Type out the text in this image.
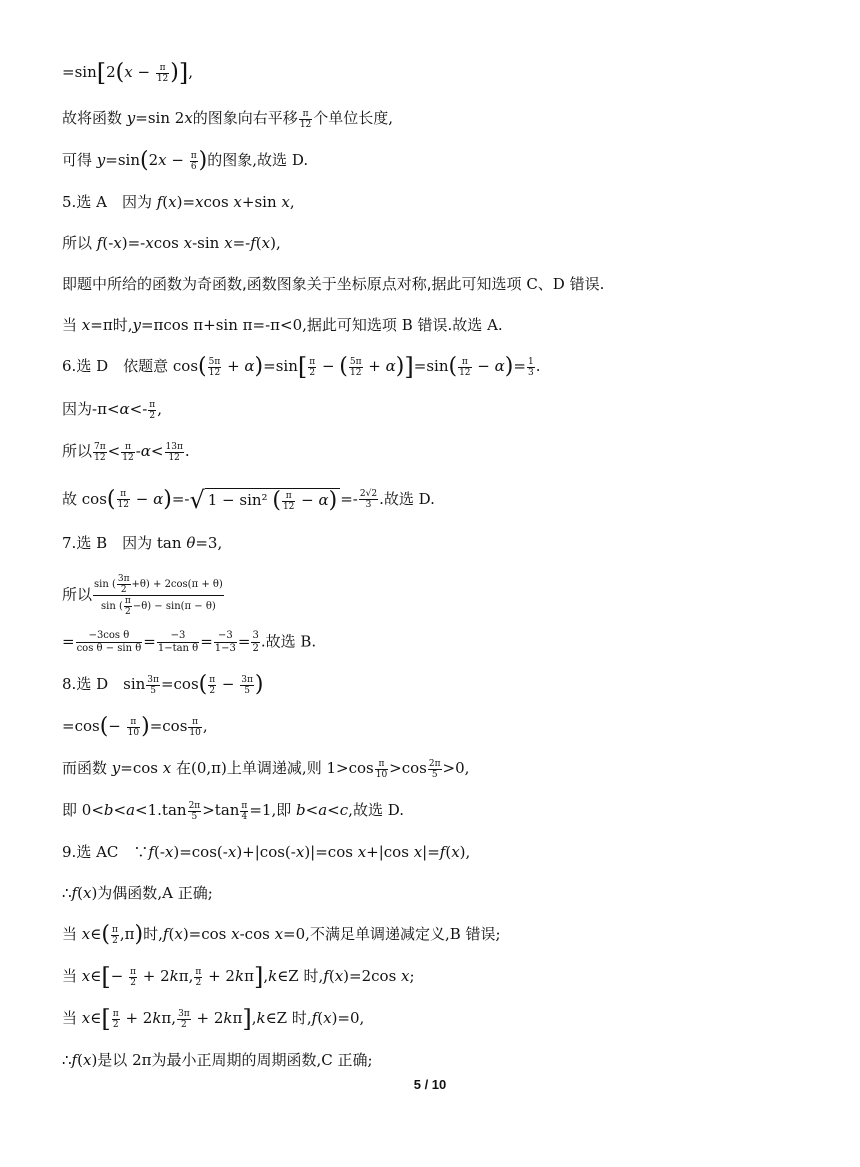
$=\sin[2(x - \frac{\pi}{12}$ )],
故将函数 y=sin 2x的图象向右平移 $\frac{\pi}{12}$ 个单位长度,
可得 $y=\sin(2x - \frac{\pi}{6}$ )的图象,故选 D.
5.选 A　因为 f(x)=xcos x+sin x,
所以 f(-x)=-xcos x-sin x=-f(x),
即题中所给的函数为奇函数,函数图象关于坐标原点对称,据此可知选项 C、D 错误.
当 x=π时,y=πcos π+sin π=-π<0,据此可知选项 B 错误.故选 A.
6.选 D　依题意 $\cos( \frac{5\pi}{12} + \alpha)=\sin[ \frac{\pi}{2}$ − ( $\frac{5\pi}{12} + \alpha)]=\sin( \frac{\pi}{12} - \alpha)= \frac{1}{3}$ .
因为$-\pi<\alpha<- \frac{\pi}{2}$ ,
所以 $\frac{7\pi}{12} < \frac{\pi}{12} -\alpha< \frac{13\pi}{12}$ .
故 $\cos( \frac{\pi}{12} - \alpha)=-√$ 1 − sin² ( $\frac{\pi}{12} - \alpha) =- \frac{2√2}{3}$ .故选 D.
7.选 B　因为 tan θ=3,
所以 $\frac{\sin ( \frac{3\pi}{2} +\theta) + 2\cos(\pi + \theta)}{\sin ( \frac{\pi}{2} -\theta) - \sin(\pi - \theta)}$
= $\frac{\text{−3cos θ}}{\text{cos θ − sin θ}} = \frac{-3}{\text{1−tan θ}} = \frac{-3}{1-3} = \frac{3}{2}$ .故选 B.
8.选 D　$\sin \frac{3\pi}{5} =\cos( \frac{\pi}{2} - \frac{3\pi}{5}$ )
$=\cos(- \frac{\pi}{10} )=\cos \frac{\pi}{10}$ ,
而函数 y=cos x 在(0,π)上单调递减,则 $1>\cos \frac{\pi}{10} >\cos \frac{2\pi}{5} >0$,
即 $0<b<a<1.\tan \frac{2\pi}{5} >\tan \frac{\pi}{4} =1$,即 b<a<c,故选 D.
9.选 AC　∵f(-x)=cos(-x)+|cos(-x)|=cos x+|cos x|=f(x),
∴f(x)为偶函数,A 正确;
当 x∈( $\frac{\pi}{2} ,\pi$)时,f(x)=cos x-cos x=0,不满足单调递减定义,B 错误;
当 x∈[− $\frac{\pi}{2} + 2k\pi$, $\frac{\pi}{2}$ + 2kπ],k∈Z 时,f(x)=2cos x;
当 x∈[ $\frac{\pi}{2} + 2k\pi$, $\frac{3\pi}{2}$ + 2kπ],k∈Z 时,f(x)=0,
∴f(x)是以 2π为最小正周期的周期函数,C 正确;
5 / 10
